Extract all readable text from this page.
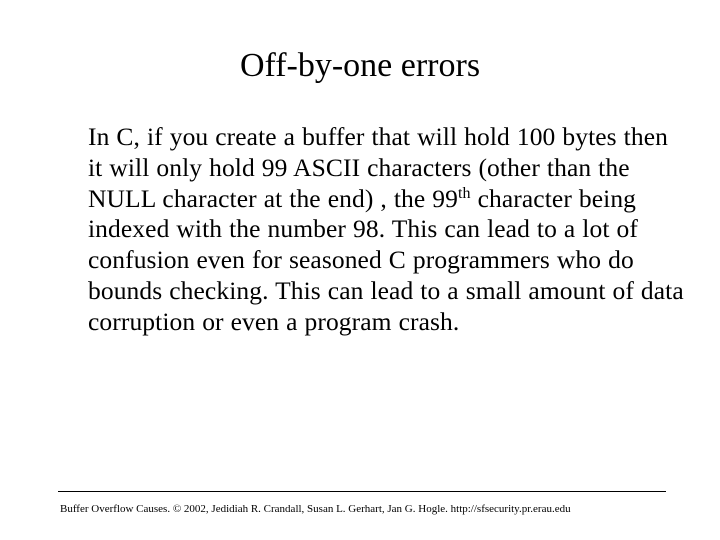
Off-by-one errors

In C, if you create a buffer that will hold 100 bytes then it will only hold 99 ASCII characters (other than the NULL character at the end) , the 99th character being indexed with the number 98. This can lead to a lot of confusion even for seasoned C programmers who do bounds checking. This can lead to a small amount of data corruption or even a program crash.

Buffer Overflow Causes. © 2002, Jedidiah R. Crandall, Susan L. Gerhart, Jan G. Hogle. http://sfsecurity.pr.erau.edu
